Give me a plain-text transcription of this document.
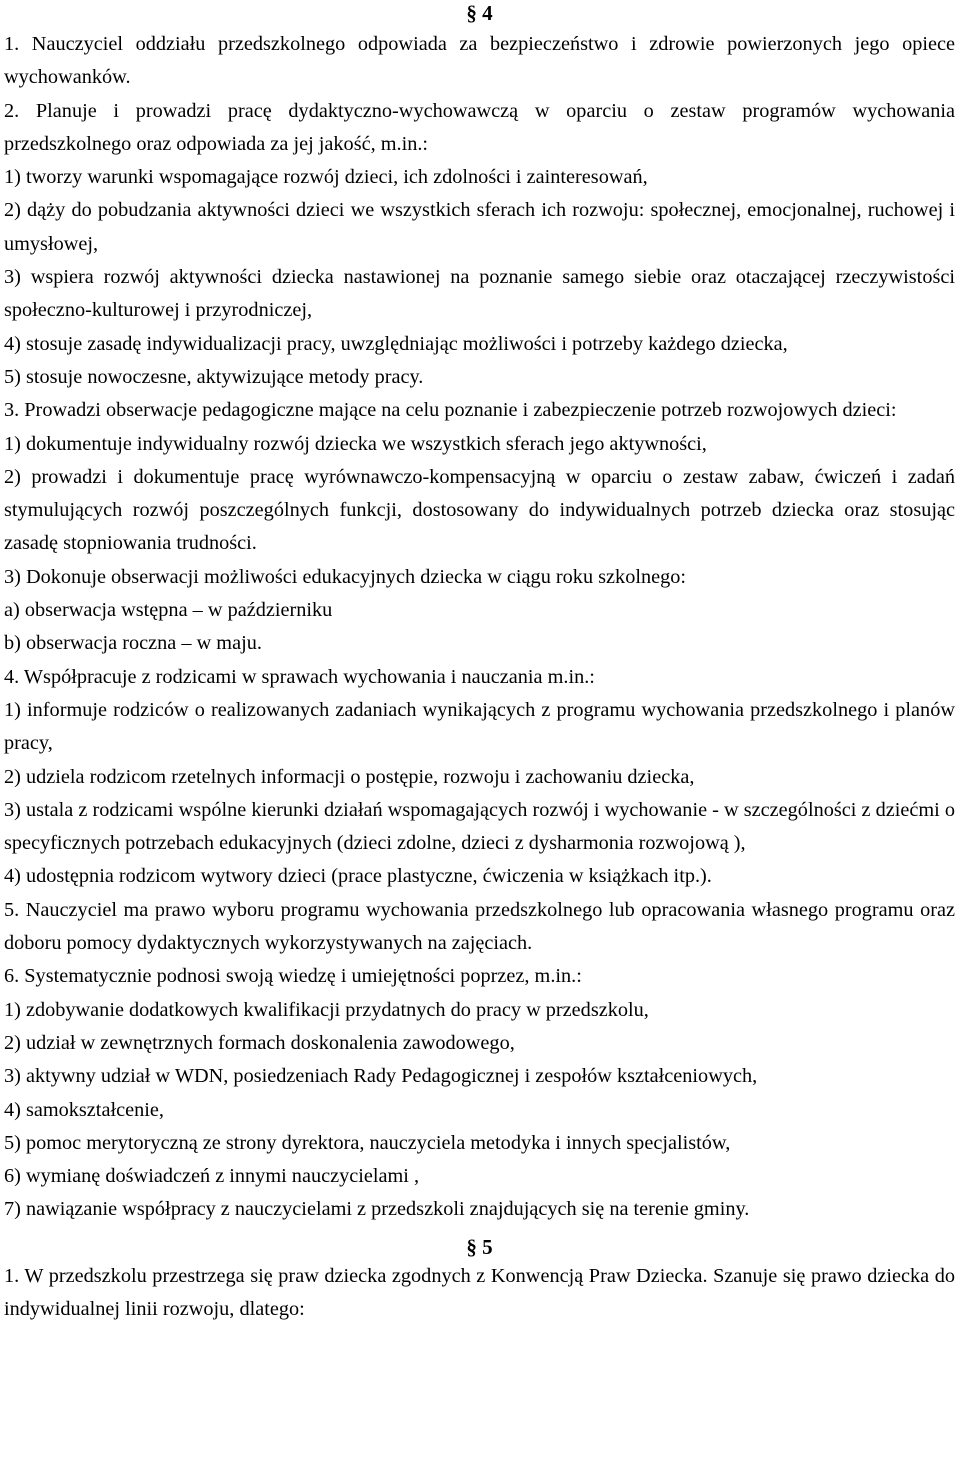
§ 4

1. Nauczyciel oddziału przedszkolnego odpowiada za bezpieczeństwo i zdrowie powierzonych jego opiece wychowanków.

2. Planuje i prowadzi pracę dydaktyczno-wychowawczą w oparciu o zestaw programów wychowania przedszkolnego oraz odpowiada za jej jakość, m.in.:

1) tworzy warunki wspomagające rozwój dzieci, ich zdolności i zainteresowań,

2) dąży do pobudzania aktywności dzieci we wszystkich sferach ich rozwoju: społecznej, emocjonalnej, ruchowej i umysłowej,

3) wspiera rozwój aktywności dziecka nastawionej na poznanie samego siebie oraz otaczającej rzeczywistości społeczno-kulturowej i przyrodniczej,

4) stosuje zasadę indywidualizacji pracy, uwzględniając możliwości i potrzeby każdego dziecka,

5) stosuje nowoczesne, aktywizujące metody pracy.

3. Prowadzi obserwacje pedagogiczne mające na celu poznanie i zabezpieczenie potrzeb rozwojowych dzieci:

1) dokumentuje indywidualny rozwój dziecka we wszystkich sferach jego aktywności,

2) prowadzi i dokumentuje pracę wyrównawczo-kompensacyjną w oparciu o zestaw zabaw, ćwiczeń i zadań stymulujących rozwój poszczególnych funkcji, dostosowany do indywidualnych potrzeb dziecka oraz stosując zasadę stopniowania trudności.

3) Dokonuje obserwacji możliwości edukacyjnych dziecka w ciągu roku szkolnego:

a) obserwacja wstępna – w październiku

b) obserwacja roczna – w maju.

4. Współpracuje z rodzicami w sprawach wychowania i nauczania m.in.:

1) informuje rodziców o realizowanych zadaniach wynikających z programu wychowania przedszkolnego i planów pracy,

2) udziela rodzicom rzetelnych informacji o postępie, rozwoju i zachowaniu dziecka,

3) ustala z rodzicami wspólne kierunki działań wspomagających rozwój i wychowanie - w szczególności z dziećmi o specyficznych potrzebach edukacyjnych (dzieci zdolne, dzieci z dysharmonia rozwojową ),

4) udostępnia rodzicom wytwory dzieci (prace plastyczne, ćwiczenia w książkach itp.).

5. Nauczyciel ma prawo wyboru programu wychowania przedszkolnego lub opracowania własnego programu oraz doboru pomocy dydaktycznych wykorzystywanych na zajęciach.

6. Systematycznie podnosi swoją wiedzę i umiejętności poprzez, m.in.:

1) zdobywanie dodatkowych kwalifikacji przydatnych do pracy w przedszkolu,

2) udział w zewnętrznych formach doskonalenia zawodowego,

3) aktywny udział w WDN, posiedzeniach Rady Pedagogicznej i zespołów kształceniowych,

4) samokształcenie,

5) pomoc merytoryczną ze strony dyrektora, nauczyciela metodyka i innych specjalistów,

6) wymianę doświadczeń z innymi nauczycielami ,

7) nawiązanie współpracy z nauczycielami z przedszkoli znajdujących się na terenie gminy.

§ 5

1. W przedszkolu przestrzega się praw dziecka zgodnych z Konwencją Praw Dziecka. Szanuje się prawo dziecka do indywidualnej linii rozwoju, dlatego:
